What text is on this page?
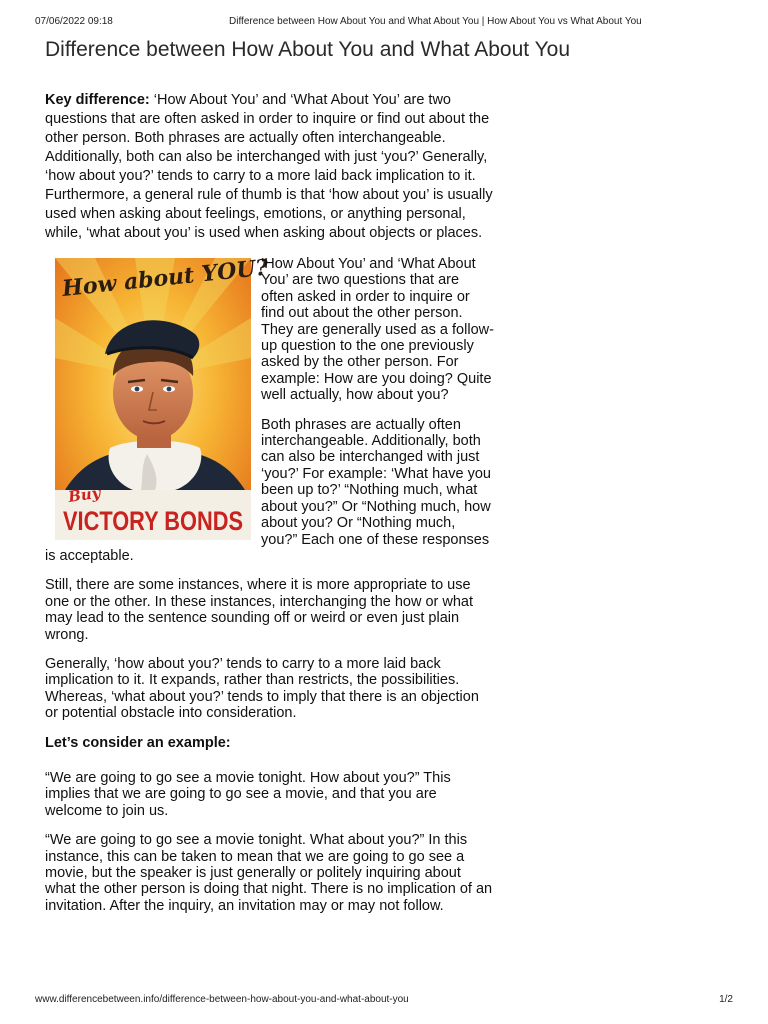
07/06/2022 09:18	Difference between How About You and What About You | How About You vs What About You
Difference between How About You and What About You

Key difference: ‘How About You’ and ‘What About You’ are two questions that are often asked in order to inquire or find out about the other person. Both phrases are actually often interchangeable. Additionally, both can also be interchanged with just ‘you?’ Generally, ‘how about you?’ tends to carry to a more laid back implication to it. Furthermore, a general rule of thumb is that ‘how about you’ is usually used when asking about feelings, emotions, or anything personal, while, ‘what about you’ is used when asking about objects or places.

How about YOU?
Buy
VICTORY BONDS

‘How About You’ and ‘What About You’ are two questions that are often asked in order to inquire or find out about the other person. They are generally used as a follow-up question to the one previously asked by the other person. For example: How are you doing? Quite well actually, how about you?

Both phrases are actually often interchangeable. Additionally, both can also be interchanged with just ‘you?’ For example: ‘What have you been up to?’ “Nothing much, what about you?” Or “Nothing much, how about you? Or “Nothing much, you?” Each one of these responses is acceptable.

Still, there are some instances, where it is more appropriate to use one or the other. In these instances, interchanging the how or what may lead to the sentence sounding off or weird or even just plain wrong.

Generally, ‘how about you?’ tends to carry to a more laid back implication to it. It expands, rather than restricts, the possibilities. Whereas, ‘what about you?’ tends to imply that there is an objection or potential obstacle into consideration.

Let’s consider an example:

“We are going to go see a movie tonight. How about you?” This implies that we are going to go see a movie, and that you are welcome to join us.

“We are going to go see a movie tonight. What about you?” In this instance, this can be taken to mean that we are going to go see a movie, but the speaker is just generally or politely inquiring about what the other person is doing that night. There is no implication of an invitation. After the inquiry, an invitation may or may not follow.

www.differencebetween.info/difference-between-how-about-you-and-what-about-you	1/2
